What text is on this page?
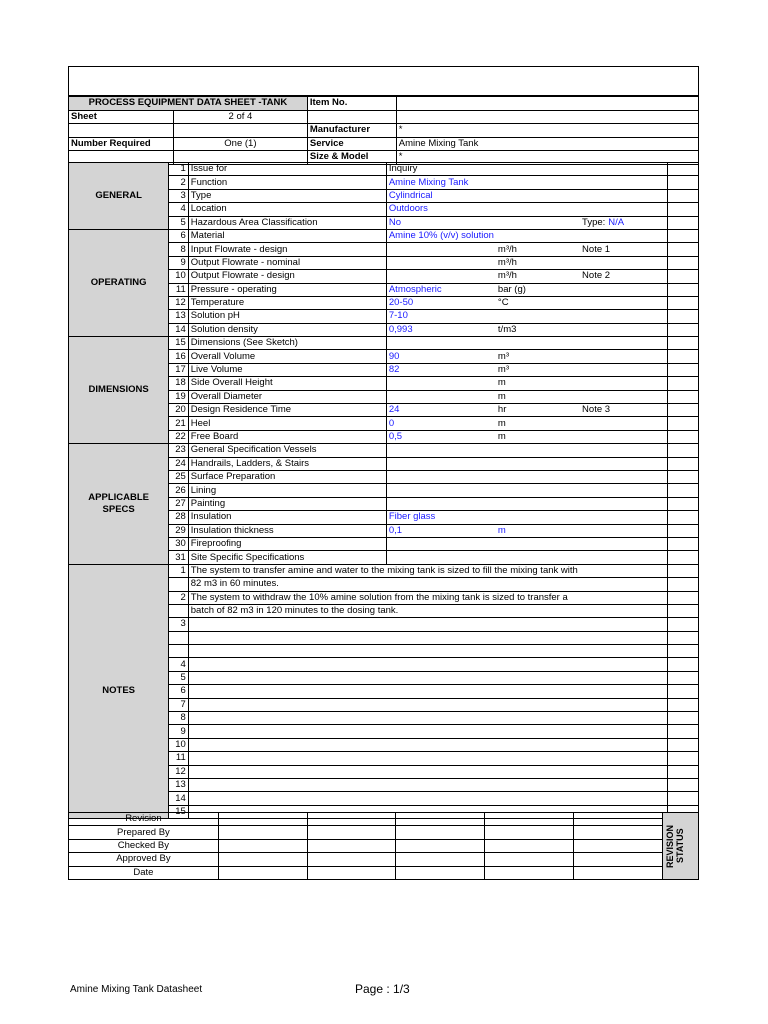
PROCESS EQUIPMENT DATA SHEET -TANK		Item No.	
Sheet	2 of 4		
		Manufacturer	*
Number Required	One (1)	Service	Amine Mixing Tank
		Size & Model	*
GENERAL	1	Issue for	Inquiry			
	2	Function	Amine Mixing Tank			
	3	Type	Cylindrical			
	4	Location	Outdoors			
	5	Hazardous Area Classification	No		Type: N/A	
OPERATING	6	Material	Amine 10% (v/v) solution			
	8	Input Flowrate - design		m³/h	Note 1	
	9	Output Flowrate - nominal		m³/h		
	10	Output Flowrate - design		m³/h	Note 2	
	11	Pressure - operating	Atmospheric	bar (g)		
	12	Temperature	20-50	°C		
	13	Solution pH	7-10			
	14	Solution density	0,993	t/m3		
DIMENSIONS	15	Dimensions (See Sketch)				
	16	Overall Volume	90	m³		
	17	Live Volume	82	m³		
	18	Side Overall Height		m		
	19	Overall Diameter		m		
	20	Design Residence Time	24	hr	Note 3	
	21	Heel	0	m		
	22	Free Board	0,5	m		

APPLICABLE
SPECS	23	General Specification Vessels				
	24	Handrails, Ladders, & Stairs				
	25	Surface Preparation				
	26	Lining				
	27	Painting				
	28	Insulation	Fiber glass			
	29	Insulation thickness	0,1	m		
	30	Fireproofing				
	31	Site Specific Specifications				
NOTES	1	The system to transfer amine and water to the mixing tank is sized to fill the mixing tank with				
		82 m3 in 60 minutes.				
	2	The system to withdraw the 10% amine solution from the mixing tank is sized to transfer a				
		batch of 82 m3 in 120 minutes to the dosing tank.				
	3					

	4					
	5					
	6					
	7					
	8					
	9					
	10					
	11					
	12					
	13					
	14					
	15					
Revision						REVISION STATUS

Prepared By						
Checked By						
Approved By						
Date						
Amine Mixing Tank Datasheet	Page : 1/3
